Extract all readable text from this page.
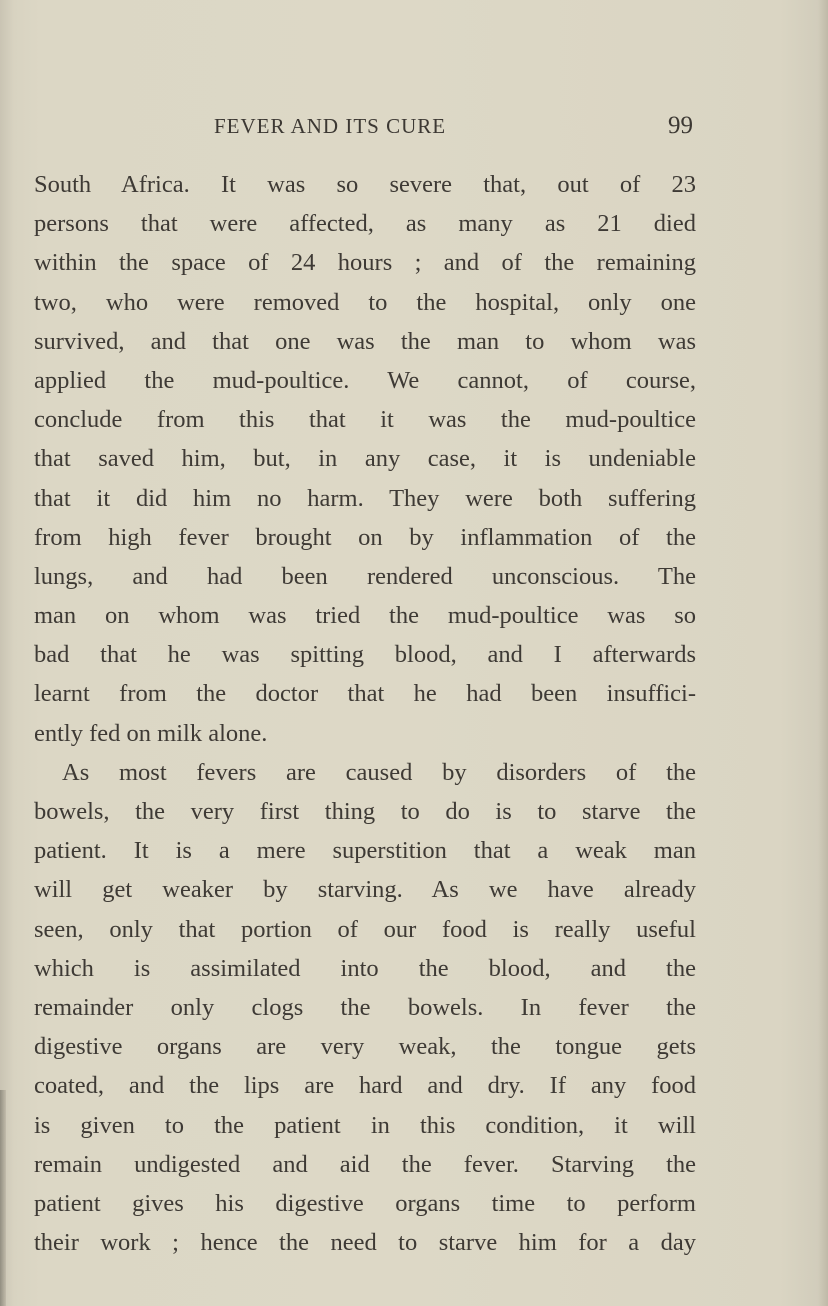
FEVER AND ITS CURE	99
South Africa. It was so severe that, out of 23
persons that were affected, as many as 21 died
within the space of 24 hours ; and of the remaining
two, who were removed to the hospital, only one
survived, and that one was the man to whom was
applied the mud-poultice. We cannot, of course,
conclude from this that it was the mud-poultice
that saved him, but, in any case, it is undeniable
that it did him no harm. They were both suffering
from high fever brought on by inflammation of the
lungs, and had been rendered unconscious. The
man on whom was tried the mud-poultice was so
bad that he was spitting blood, and I afterwards
learnt from the doctor that he had been insuffici-
ently fed on milk alone.
As most fevers are caused by disorders of the
bowels, the very first thing to do is to starve the
patient. It is a mere superstition that a weak man
will get weaker by starving. As we have already
seen, only that portion of our food is really useful
which is assimilated into the blood, and the
remainder only clogs the bowels. In fever the
digestive organs are very weak, the tongue gets
coated, and the lips are hard and dry. If any food
is given to the patient in this condition, it will
remain undigested and aid the fever. Starving the
patient gives his digestive organs time to perform
their work ; hence the need to starve him for a day
